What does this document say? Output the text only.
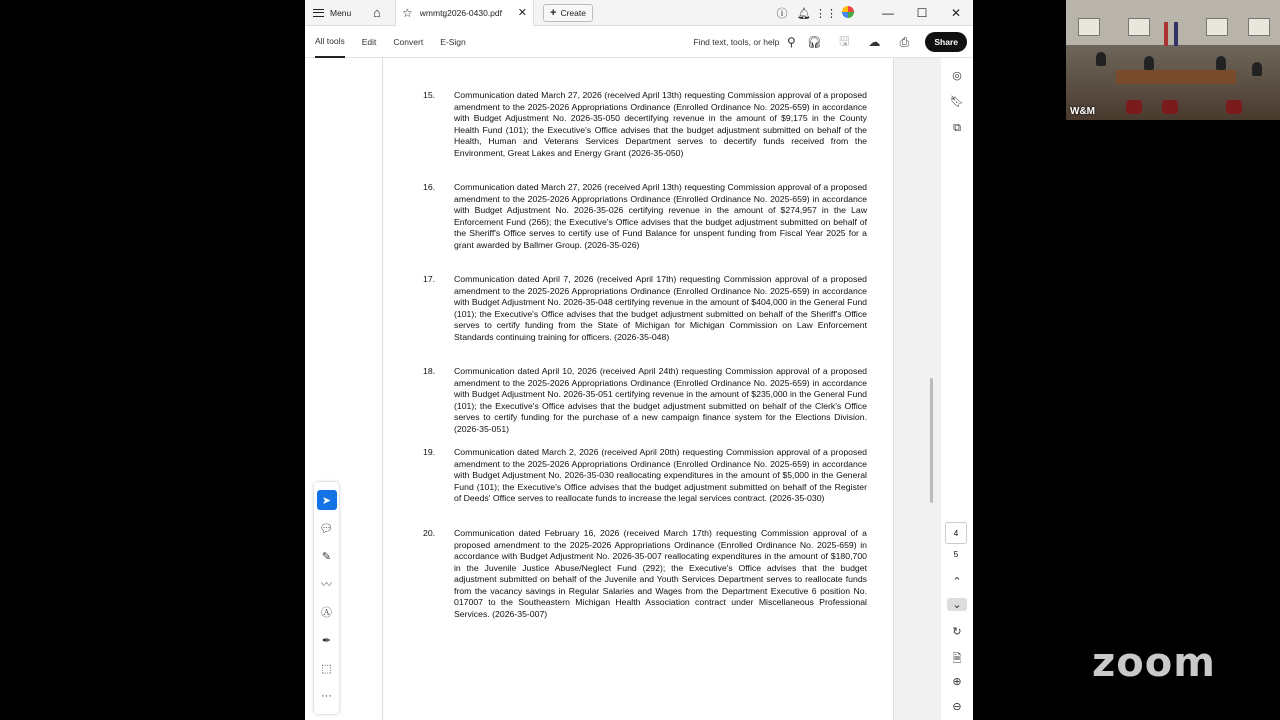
Menu ⌂	☆ wmmtg2026-0430.pdf	✕ + Create	ⓘ 🔔︎ ⋮⋮	—	☐	✕
All tools Edit Convert E-Sign	Find text, tools, or help ⚲ 🎧︎	🖫	☁	⎙	Share
➤
💬︎
✎
〰
Ⓐ
✒
⬚
···
15.	Communication dated March 27, 2026 (received April 13th) requesting Commission approval of a proposed amendment to the 2025-2026 Appropriations Ordinance (Enrolled Ordinance No. 2025-659) in accordance with Budget Adjustment No. 2026-35-050 decertifying revenue in the amount of $9,175 in the County Health Fund (101); the Executive's Office advises that the budget adjustment submitted on behalf of the Health, Human and Veterans Services Department serves to decertify funds received from the Environment, Great Lakes and Energy Grant (2026-35-050)
16.	Communication dated March 27, 2026 (received April 13th) requesting Commission approval of a proposed amendment to the 2025-2026 Appropriations Ordinance (Enrolled Ordinance No. 2025-659) in accordance with Budget Adjustment No. 2026-35-026 certifying revenue in the amount of $274,957 in the Law Enforcement Fund (266); the Executive's Office advises that the budget adjustment submitted on behalf of the Sheriff's Office serves to certify use of Fund Balance for unspent funding from Fiscal Year 2025 for a grant awarded by Ballmer Group. (2026-35-026)
17.	Communication dated April 7, 2026 (received April 17th) requesting Commission approval of a proposed amendment to the 2025-2026 Appropriations Ordinance (Enrolled Ordinance No. 2025-659) in accordance with Budget Adjustment No. 2026-35-048 certifying revenue in the amount of $404,000 in the General Fund (101); the Executive's Office advises that the budget adjustment submitted on behalf of the Sheriff's Office serves to certify funding from the State of Michigan for Michigan Commission on Law Enforcement Standards continuing training for officers. (2026-35-048)
18.	Communication dated April 10, 2026 (received April 24th) requesting Commission approval of a proposed amendment to the 2025-2026 Appropriations Ordinance (Enrolled Ordinance No. 2025-659) in accordance with Budget Adjustment No. 2026-35-051 certifying revenue in the amount of $235,000 in the General Fund (101); the Executive's Office advises that the budget adjustment submitted on behalf of the Clerk's Office serves to certify funding for the purchase of a new campaign finance system for the Elections Division. (2026-35-051)
19.	Communication dated March 2, 2026 (received April 20th) requesting Commission approval of a proposed amendment to the 2025-2026 Appropriations Ordinance (Enrolled Ordinance No. 2025-659) in accordance with Budget Adjustment No. 2026-35-030 reallocating expenditures in the amount of $5,000 in the General Fund (101); the Executive's Office advises that the budget adjustment submitted on behalf of the Register of Deeds' Office serves to reallocate funds to increase the legal services contract. (2026-35-030)
20.	Communication dated February 16, 2026 (received March 17th) requesting Commission approval of a proposed amendment to the 2025-2026 Appropriations Ordinance (Enrolled Ordinance No. 2025-659) in accordance with Budget Adjustment No. 2026-35-007 reallocating expenditures in the amount of $180,700 in the Juvenile Justice Abuse/Neglect Fund (292); the Executive's Office advises that the budget adjustment submitted on behalf of the Juvenile and Youth Services Department serves to reallocate funds from the vacancy savings in Regular Salaries and Wages from the Department Executive 6 position No. 017007 to the Southeastern Michigan Health Association contract under Miscellaneous Professional Services. (2026-35-007)
◎
🔖︎
⧉
4
5
⌃
⌄
↻
🗎
⊕
⊖
W&M
zoom
